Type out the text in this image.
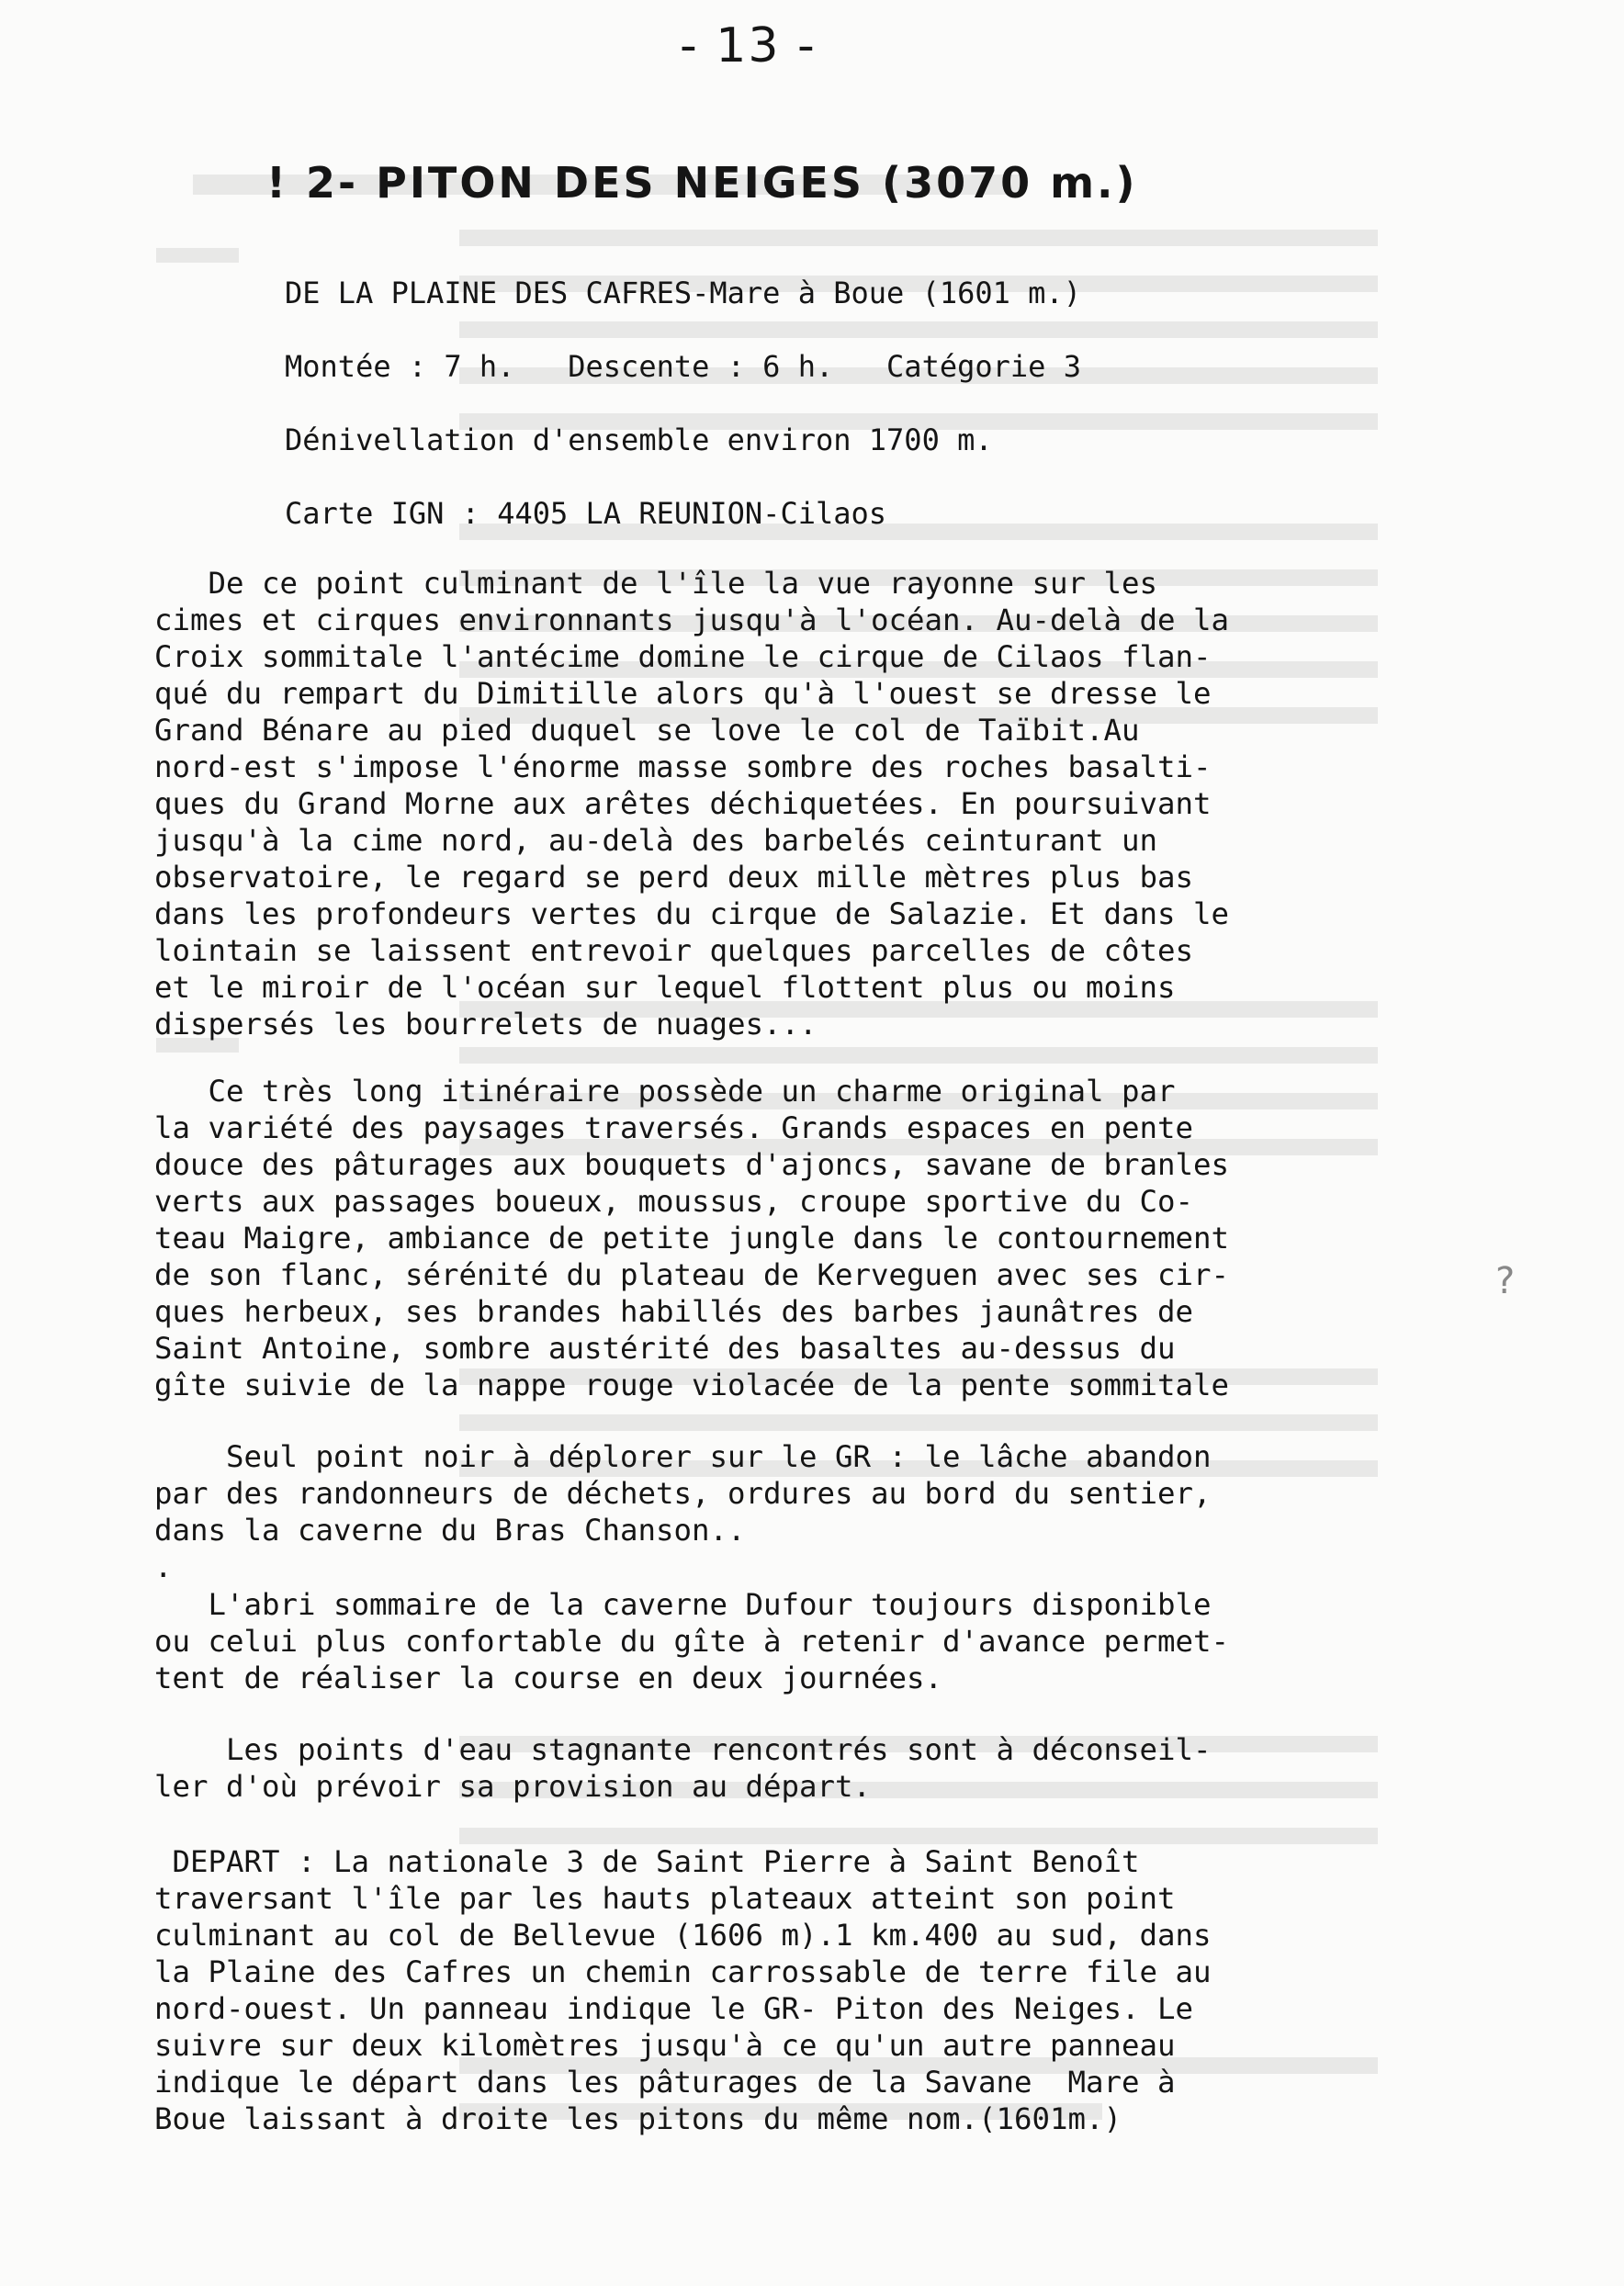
- 13 -
! 2- PITON DES NEIGES (3070 m.)
DE LA PLAINE DES CAFRES-Mare à Boue (1601 m.)
Montée : 7 h.   Descente : 6 h.   Catégorie 3
Dénivellation d'ensemble environ 1700 m.
Carte IGN : 4405 LA REUNION-Cilaos
De ce point culminant de l'île la vue rayonne sur les
cimes et cirques environnants jusqu'à l'océan. Au-delà de la
Croix sommitale l'antécime domine le cirque de Cilaos flan-
qué du rempart du Dimitille alors qu'à l'ouest se dresse le
Grand Bénare au pied duquel se love le col de Taïbit.Au
nord-est s'impose l'énorme masse sombre des roches basalti-
ques du Grand Morne aux arêtes déchiquetées. En poursuivant
jusqu'à la cime nord, au-delà des barbelés ceinturant un
observatoire, le regard se perd deux mille mètres plus bas
dans les profondeurs vertes du cirque de Salazie. Et dans le
lointain se laissent entrevoir quelques parcelles de côtes
et le miroir de l'océan sur lequel flottent plus ou moins
dispersés les bourrelets de nuages...
Ce très long itinéraire possède un charme original par
la variété des paysages traversés. Grands espaces en pente
douce des pâturages aux bouquets d'ajoncs, savane de branles
verts aux passages boueux, moussus, croupe sportive du Co-
teau Maigre, ambiance de petite jungle dans le contournement
de son flanc, sérénité du plateau de Kerveguen avec ses cir-
ques herbeux, ses brandes habillés des barbes jaunâtres de
Saint Antoine, sombre austérité des basaltes au-dessus du
gîte suivie de la nappe rouge violacée de la pente sommitale
Seul point noir à déplorer sur le GR : le lâche abandon
par des randonneurs de déchets, ordures au bord du sentier,
dans la caverne du Bras Chanson..
.
L'abri sommaire de la caverne Dufour toujours disponible
ou celui plus confortable du gîte à retenir d'avance permet-
tent de réaliser la course en deux journées.
Les points d'eau stagnante rencontrés sont à déconseil-
ler d'où prévoir sa provision au départ.
DEPART : La nationale 3 de Saint Pierre à Saint Benoît
traversant l'île par les hauts plateaux atteint son point
culminant au col de Bellevue (1606 m).1 km.400 au sud, dans
la Plaine des Cafres un chemin carrossable de terre file au
nord-ouest. Un panneau indique le GR- Piton des Neiges. Le
suivre sur deux kilomètres jusqu'à ce qu'un autre panneau
indique le départ dans les pâturages de la Savane  Mare à
Boue laissant à droite les pitons du même nom.(1601m.)
?
